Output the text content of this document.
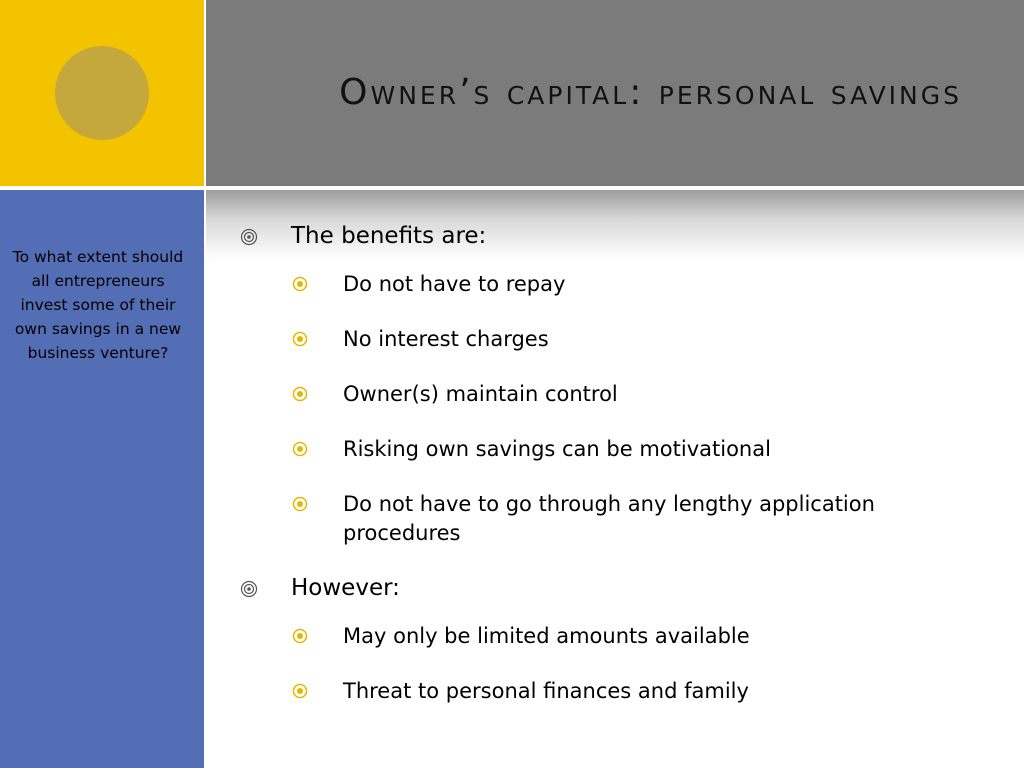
Owner’s capital: personal savings
To what extent should all entrepreneurs invest some of their own savings in a new business venture?
The benefits are:
Do not have to repay
No interest charges
Owner(s) maintain control
Risking own savings can be motivational
Do not have to go through any lengthy application procedures
However:
May only be limited amounts available
Threat to personal finances and family
